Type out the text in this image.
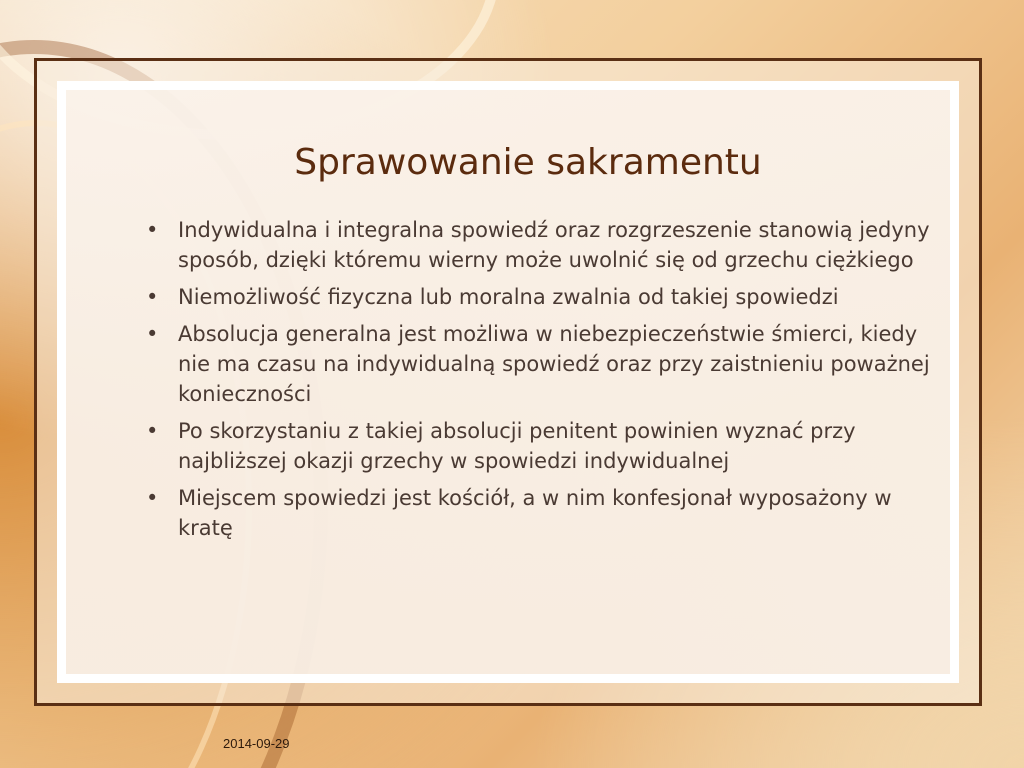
Sprawowanie sakramentu
• Indywidualna i integralna spowiedź oraz rozgrzeszenie stanowią jedyny sposób, dzięki któremu wierny może uwolnić się od grzechu ciężkiego
• Niemożliwość fizyczna lub moralna zwalnia od takiej spowiedzi
• Absolucja generalna jest możliwa w niebezpieczeństwie śmierci, kiedy nie ma czasu na indywidualną spowiedź oraz przy zaistnieniu poważnej konieczności
• Po skorzystaniu z takiej absolucji penitent powinien wyznać przy najbliższej okazji grzechy w spowiedzi indywidualnej
• Miejscem spowiedzi jest kościół, a w nim konfesjonał wyposażony w kratę
2014-09-29
